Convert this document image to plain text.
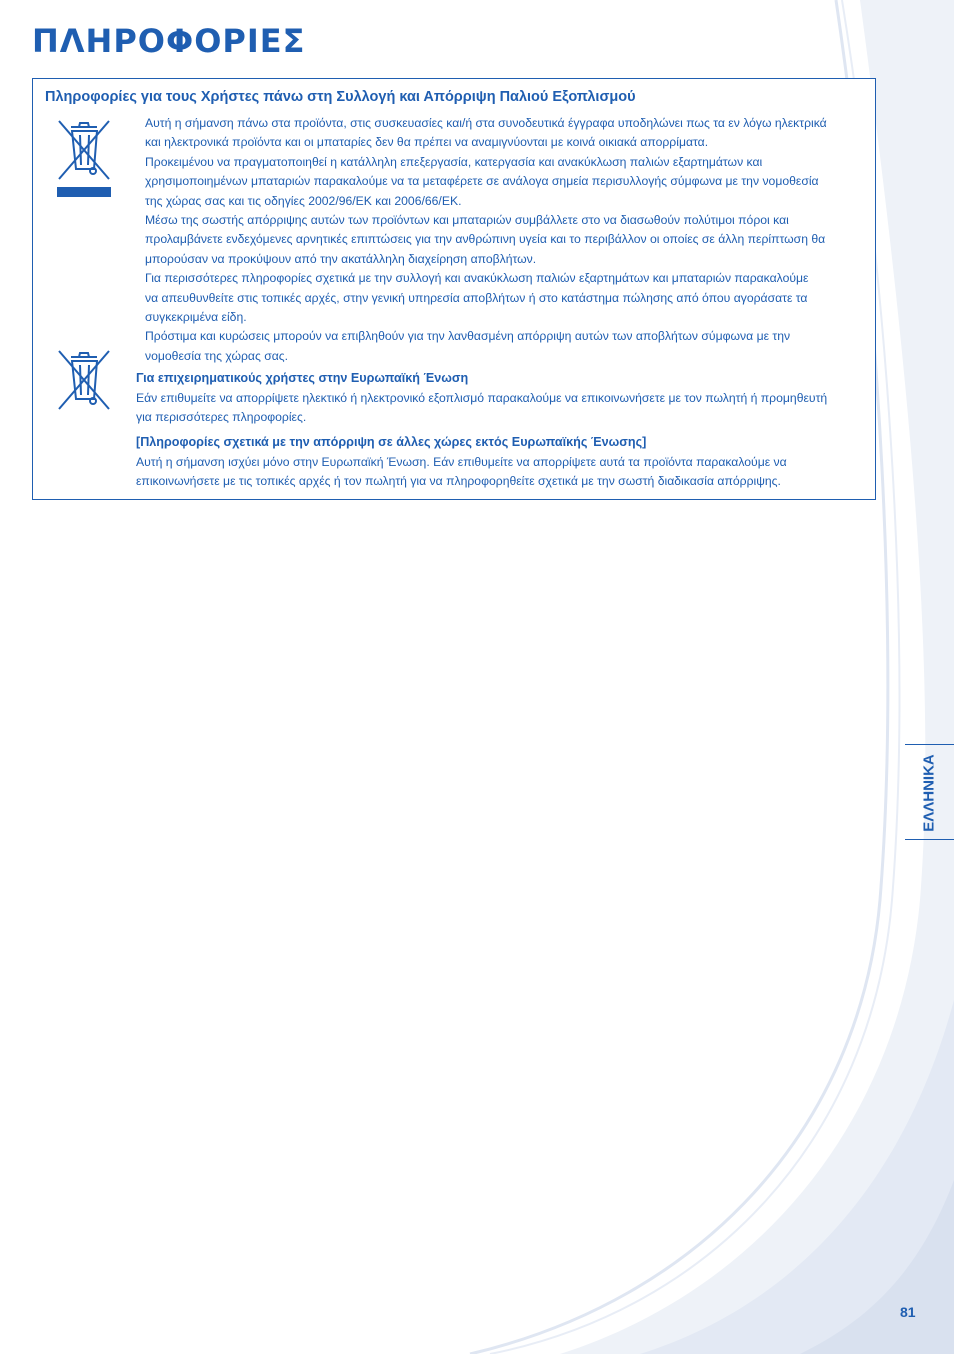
ΠΛΗΡΟΦΟΡΙΕΣ
Πληροφορίες για τους Χρήστες πάνω στη Συλλογή και Απόρριψη Παλιού Εξοπλισμού

Αυτή η σήμανση πάνω στα προϊόντα, στις συσκευασίες και/ή στα συνοδευτικά έγγραφα υποδηλώνει πως τα εν λόγω ηλεκτρικά
και ηλεκτρονικά προϊόντα και οι μπαταρίες δεν θα πρέπει να αναμιγνύονται με κοινά οικιακά απορρίματα.
Προκειμένου να πραγματοποιηθεί η κατάλληλη επεξεργασία, κατεργασία και ανακύκλωση παλιών εξαρτημάτων και
χρησιμοποιημένων μπαταριών παρακαλούμε να τα μεταφέρετε σε ανάλογα σημεία περισυλλογής σύμφωνα με την νομοθεσία
της χώρας σας και τις οδηγίες 2002/96/ΕΚ και 2006/66/ΕΚ.
Μέσω της σωστής απόρριψης αυτών των προϊόντων και μπαταριών συμβάλλετε στο να διασωθούν πολύτιμοι πόροι και
προλαμβάνετε ενδεχόμενες αρνητικές επιπτώσεις για την ανθρώπινη υγεία και το περιβάλλον οι οποίες σε άλλη περίπτωση θα
μπορούσαν να προκύψουν από την ακατάλληλη διαχείρηση αποβλήτων.
Για περισσότερες πληροφορίες σχετικά με την συλλογή και ανακύκλωση παλιών εξαρτημάτων και μπαταριών παρακαλούμε
να απευθυνθείτε στις τοπικές αρχές, στην γενική υπηρεσία αποβλήτων ή στο κατάστημα πώλησης από όπου αγοράσατε τα
συγκεκριμένα είδη.
Πρόστιμα και κυρώσεις μπορούν να επιβληθούν για την λανθασμένη απόρριψη αυτών των αποβλήτων σύμφωνα με την
νομοθεσία της χώρας σας.

Για επιχειρηματικούς χρήστες στην Ευρωπαϊκή Ένωση

Εάν επιθυμείτε να απορρίψετε ηλεκτικό ή ηλεκτρονικό εξοπλισμό παρακαλούμε να επικοινωνήσετε με τον πωλητή ή προμηθευτή
για περισσότερες πληροφορίες.

[Πληροφορίες σχετικά με την απόρριψη σε άλλες χώρες εκτός Ευρωπαϊκής Ένωσης]

Αυτή η σήμανση ισχύει μόνο στην Ευρωπαϊκή Ένωση. Εάν επιθυμείτε να απορρίψετε αυτά τα προϊόντα παρακαλούμε να
επικοινωνήσετε με τις τοπικές αρχές ή τον πωλητή για να πληροφορηθείτε σχετικά με την σωστή διαδικασία απόρριψης.

ΕΛΛΗΝΙΚΑ
81
